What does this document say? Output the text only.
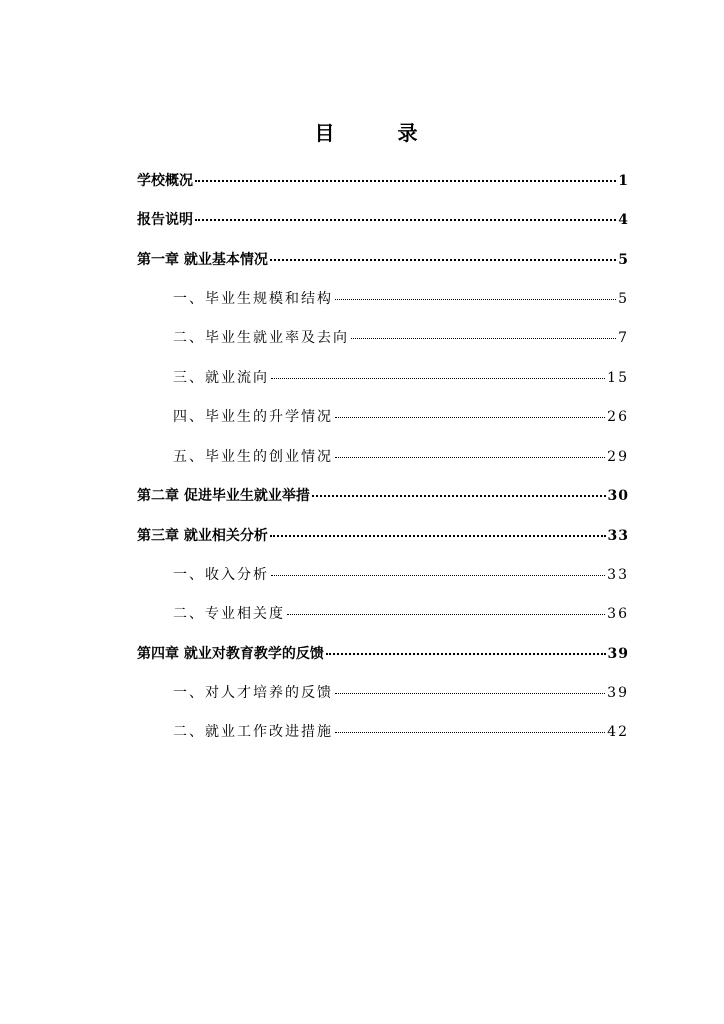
目 录
学校概况	1
报告说明	4
第一章 就业基本情况	5
一、毕业生规模和结构	5
二、毕业生就业率及去向	7
三、就业流向	15
四、毕业生的升学情况	26
五、毕业生的创业情况	29
第二章 促进毕业生就业举措	30
第三章 就业相关分析	33
一、收入分析	33
二、专业相关度	36
第四章 就业对教育教学的反馈	39
一、对人才培养的反馈	39
二、就业工作改进措施	42
